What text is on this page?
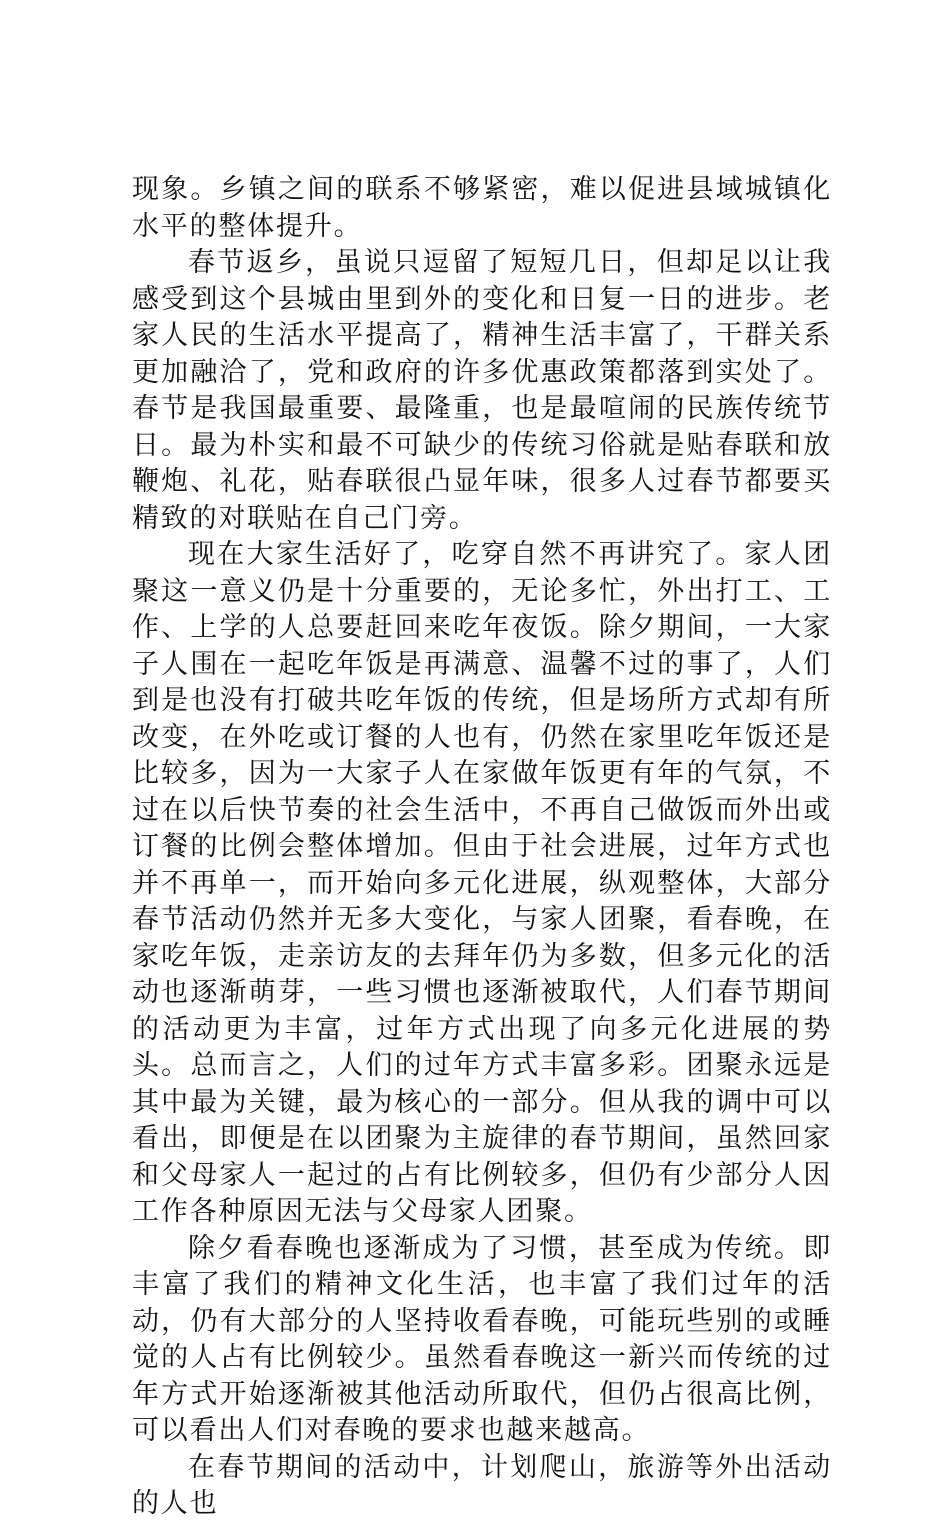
现象。乡镇之间的联系不够紧密，难以促进县域城镇化水平的整体提升。

春节返乡，虽说只逗留了短短几日，但却足以让我感受到这个县城由里到外的变化和日复一日的进步。老家人民的生活水平提高了，精神生活丰富了，干群关系更加融洽了，党和政府的许多优惠政策都落到实处了。春节是我国最重要、最隆重，也是最喧闹的民族传统节日。最为朴实和最不可缺少的传统习俗就是贴春联和放鞭炮、礼花，贴春联很凸显年味，很多人过春节都要买精致的对联贴在自己门旁。

现在大家生活好了，吃穿自然不再讲究了。家人团聚这一意义仍是十分重要的，无论多忙，外出打工、工作、上学的人总要赶回来吃年夜饭。除夕期间，一大家子人围在一起吃年饭是再满意、温馨不过的事了，人们到是也没有打破共吃年饭的传统，但是场所方式却有所改变，在外吃或订餐的人也有，仍然在家里吃年饭还是比较多，因为一大家子人在家做年饭更有年的气氛，不过在以后快节奏的社会生活中，不再自己做饭而外出或订餐的比例会整体增加。但由于社会进展，过年方式也并不再单一，而开始向多元化进展，纵观整体，大部分春节活动仍然并无多大变化，与家人团聚，看春晚，在家吃年饭，走亲访友的去拜年仍为多数，但多元化的活动也逐渐萌芽，一些习惯也逐渐被取代，人们春节期间的活动更为丰富，过年方式出现了向多元化进展的势头。总而言之，人们的过年方式丰富多彩。团聚永远是其中最为关键，最为核心的一部分。但从我的调中可以看出，即便是在以团聚为主旋律的春节期间，虽然回家和父母家人一起过的占有比例较多，但仍有少部分人因工作各种原因无法与父母家人团聚。

除夕看春晚也逐渐成为了习惯，甚至成为传统。即丰富了我们的精神文化生活，也丰富了我们过年的活动，仍有大部分的人坚持收看春晚，可能玩些别的或睡觉的人占有比例较少。虽然看春晚这一新兴而传统的过年方式开始逐渐被其他活动所取代，但仍占很高比例，可以看出人们对春晚的要求也越来越高。

在春节期间的活动中，计划爬山，旅游等外出活动的人也
